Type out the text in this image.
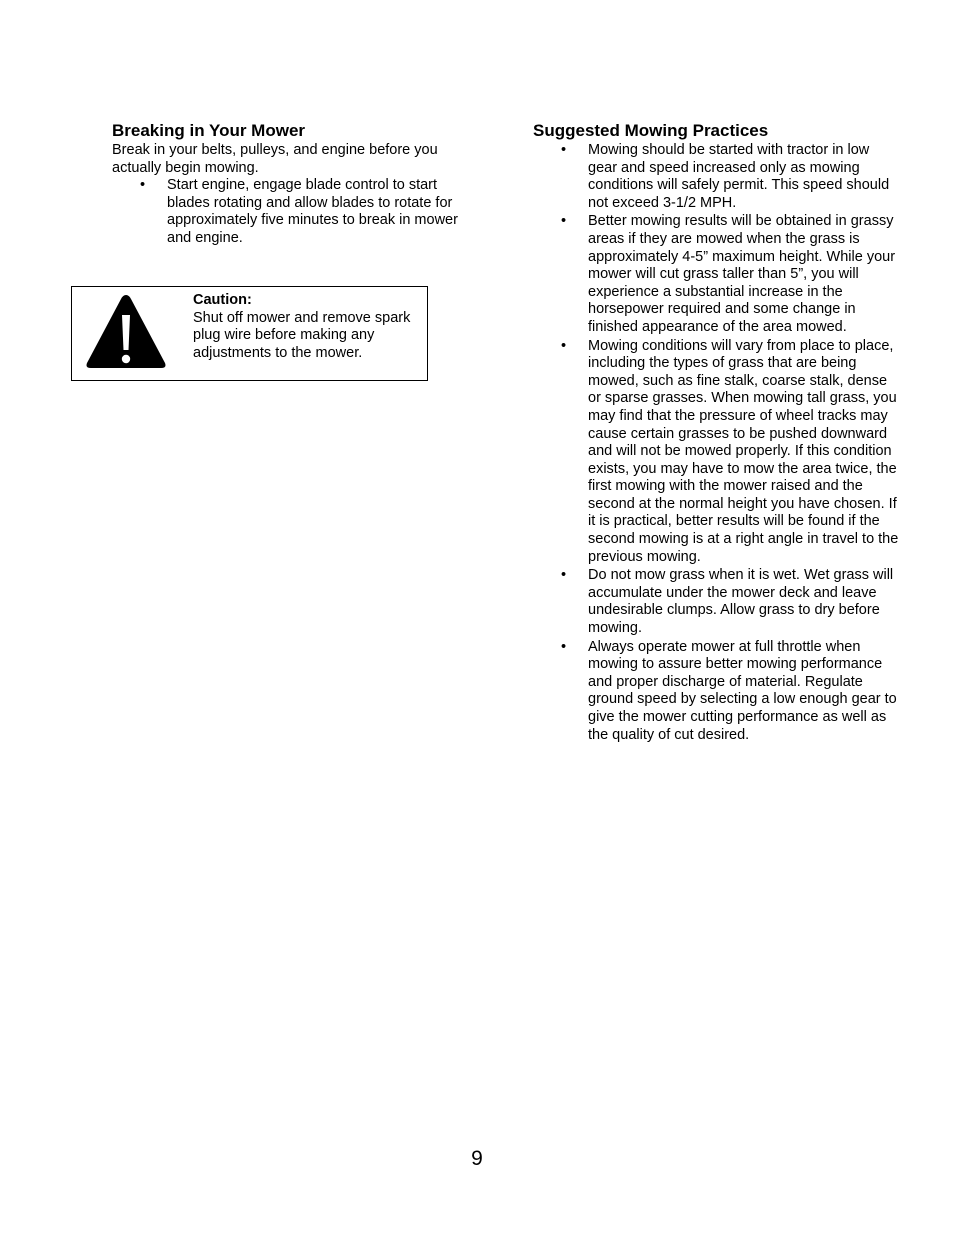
Breaking in Your Mower

Break in your belts, pulleys, and engine before you actually begin mowing.

• Start engine, engage blade control to start blades rotating and allow blades to rotate for approximately five minutes to break in mower and engine.
Caution:
Shut off mower and remove spark plug wire before making any adjustments to the mower.
Suggested Mowing Practices
• Mowing should be started with tractor in low gear and speed increased only as mowing conditions will safely permit. This speed should not exceed 3-1/2 MPH.
• Better mowing results will be obtained in grassy areas if they are mowed when the grass is approximately 4-5” maximum height. While your mower will cut grass taller than 5”, you will experience a substantial increase in the horsepower required and some change in finished appearance of the area mowed.
• Mowing conditions will vary from place to place, including the types of grass that are being mowed, such as fine stalk, coarse stalk, dense or sparse grasses. When mowing tall grass, you may find that the pressure of wheel tracks may cause certain grasses to be pushed downward and will not be mowed properly. If this condition exists, you may have to mow the area twice, the first mowing with the mower raised and the second at the normal height you have chosen. If it is practical, better results will be found if the second mowing is at a right angle in travel to the previous mowing.
• Do not mow grass when it is wet. Wet grass will accumulate under the mower deck and leave undesirable clumps. Allow grass to dry before mowing.
• Always operate mower at full throttle when mowing to assure better mowing performance and proper discharge of material. Regulate ground speed by selecting a low enough gear to give the mower cutting performance as well as the quality of cut desired.
9
